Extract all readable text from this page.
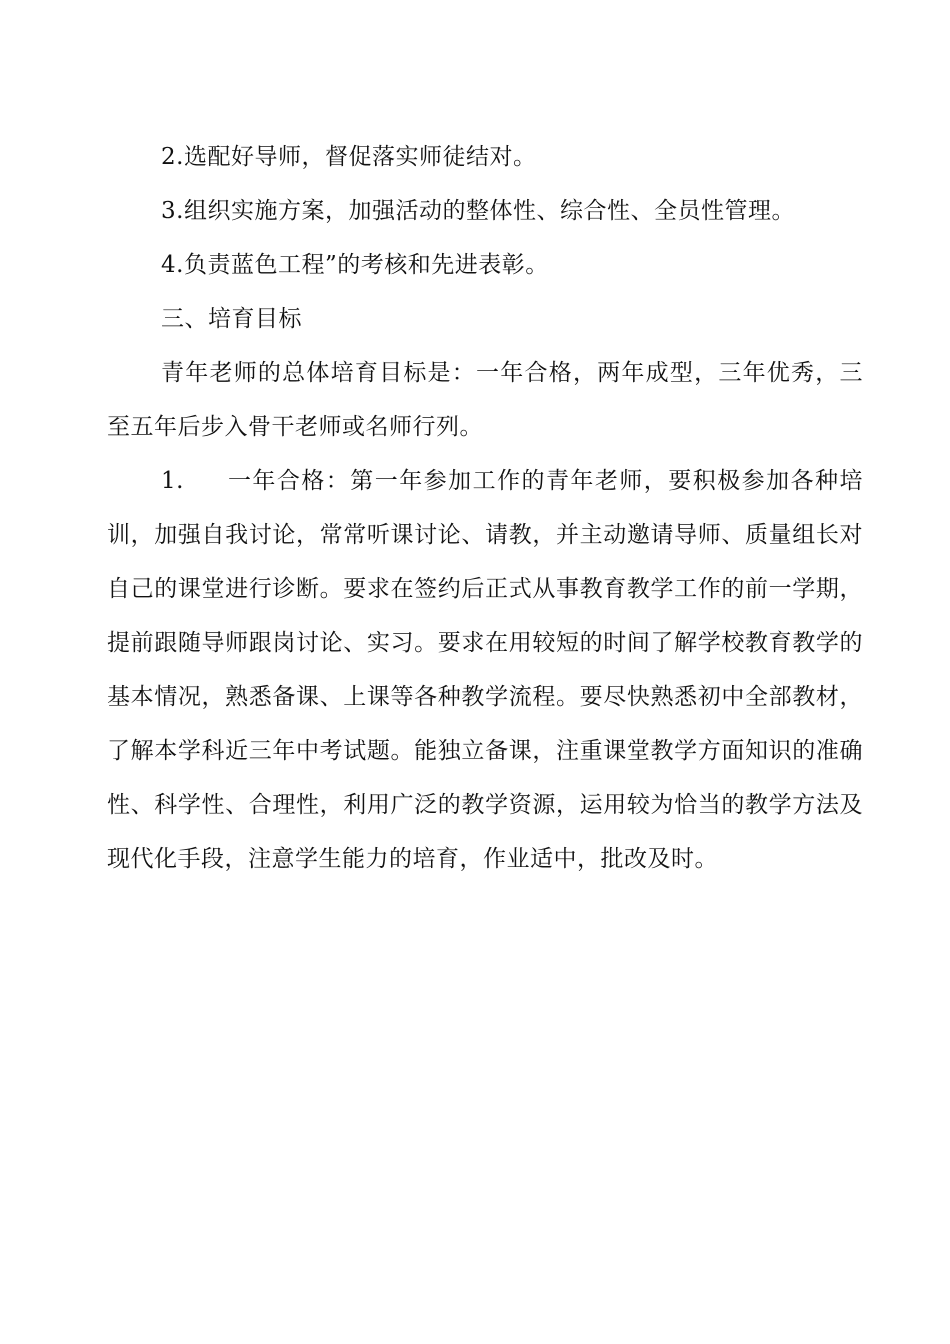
2.选配好导师，督促落实师徒结对。

3.组织实施方案，加强活动的整体性、综合性、全员性管理。

4.负责蓝色工程”的考核和先进表彰。

三、培育目标

青年老师的总体培育目标是：一年合格，两年成型，三年优秀，三至五年后步入骨干老师或名师行列。

1. 一年合格：第一年参加工作的青年老师，要积极参加各种培训，加强自我讨论，常常听课讨论、请教，并主动邀请导师、质量组长对自己的课堂进行诊断。要求在签约后正式从事教育教学工作的前一学期，提前跟随导师跟岗讨论、实习。要求在用较短的时间了解学校教育教学的基本情况，熟悉备课、上课等各种教学流程。要尽快熟悉初中全部教材，了解本学科近三年中考试题。能独立备课，注重课堂教学方面知识的准确性、科学性、合理性，利用广泛的教学资源，运用较为恰当的教学方法及现代化手段，注意学生能力的培育，作业适中，批改及时。
